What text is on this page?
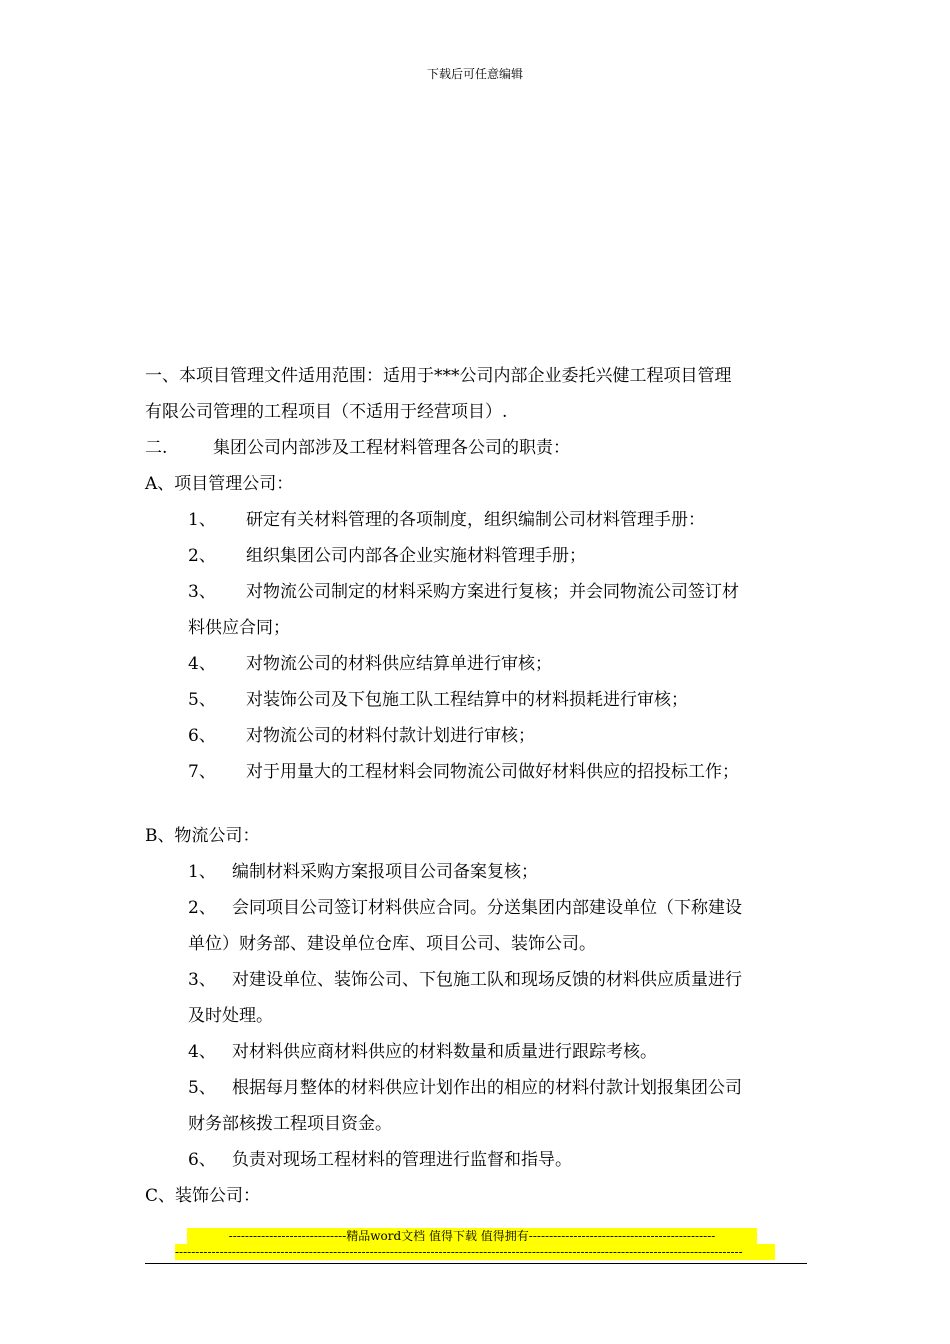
下载后可任意编辑

一、本项目管理文件适用范围：适用于***公司内部企业委托兴健工程项目管理

有限公司管理的工程项目（不适用于经营项目）.

二.	集团公司内部涉及工程材料管理各公司的职责：

A、项目管理公司：

1、 研定有关材料管理的各项制度，组织编制公司材料管理手册：

2、 组织集团公司内部各企业实施材料管理手册；

3、 对物流公司制定的材料采购方案进行复核；并会同物流公司签订材

料供应合同；

4、 对物流公司的材料供应结算单进行审核；

5、 对装饰公司及下包施工队工程结算中的材料损耗进行审核；

6、 对物流公司的材料付款计划进行审核；

7、 对于用量大的工程材料会同物流公司做好材料供应的招投标工作；

B、物流公司：

1、 编制材料采购方案报项目公司备案复核；

2、 会同项目公司签订材料供应合同。分送集团内部建设单位（下称建设

单位）财务部、建设单位仓库、项目公司、装饰公司。

3、 对建设单位、装饰公司、下包施工队和现场反馈的材料供应质量进行

及时处理。

4、 对材料供应商材料供应的材料数量和质量进行跟踪考核。

5、 根据每月整体的材料供应计划作出的相应的材料付款计划报集团公司

财务部核拨工程项目资金。

6、 负责对现场工程材料的管理进行监督和指导。

C、装饰公司：

-----------------------------精品word文档 值得下载 值得拥有----------------------------------------------
--------------------------------------------------------------------------------------------------------------------------------------------
